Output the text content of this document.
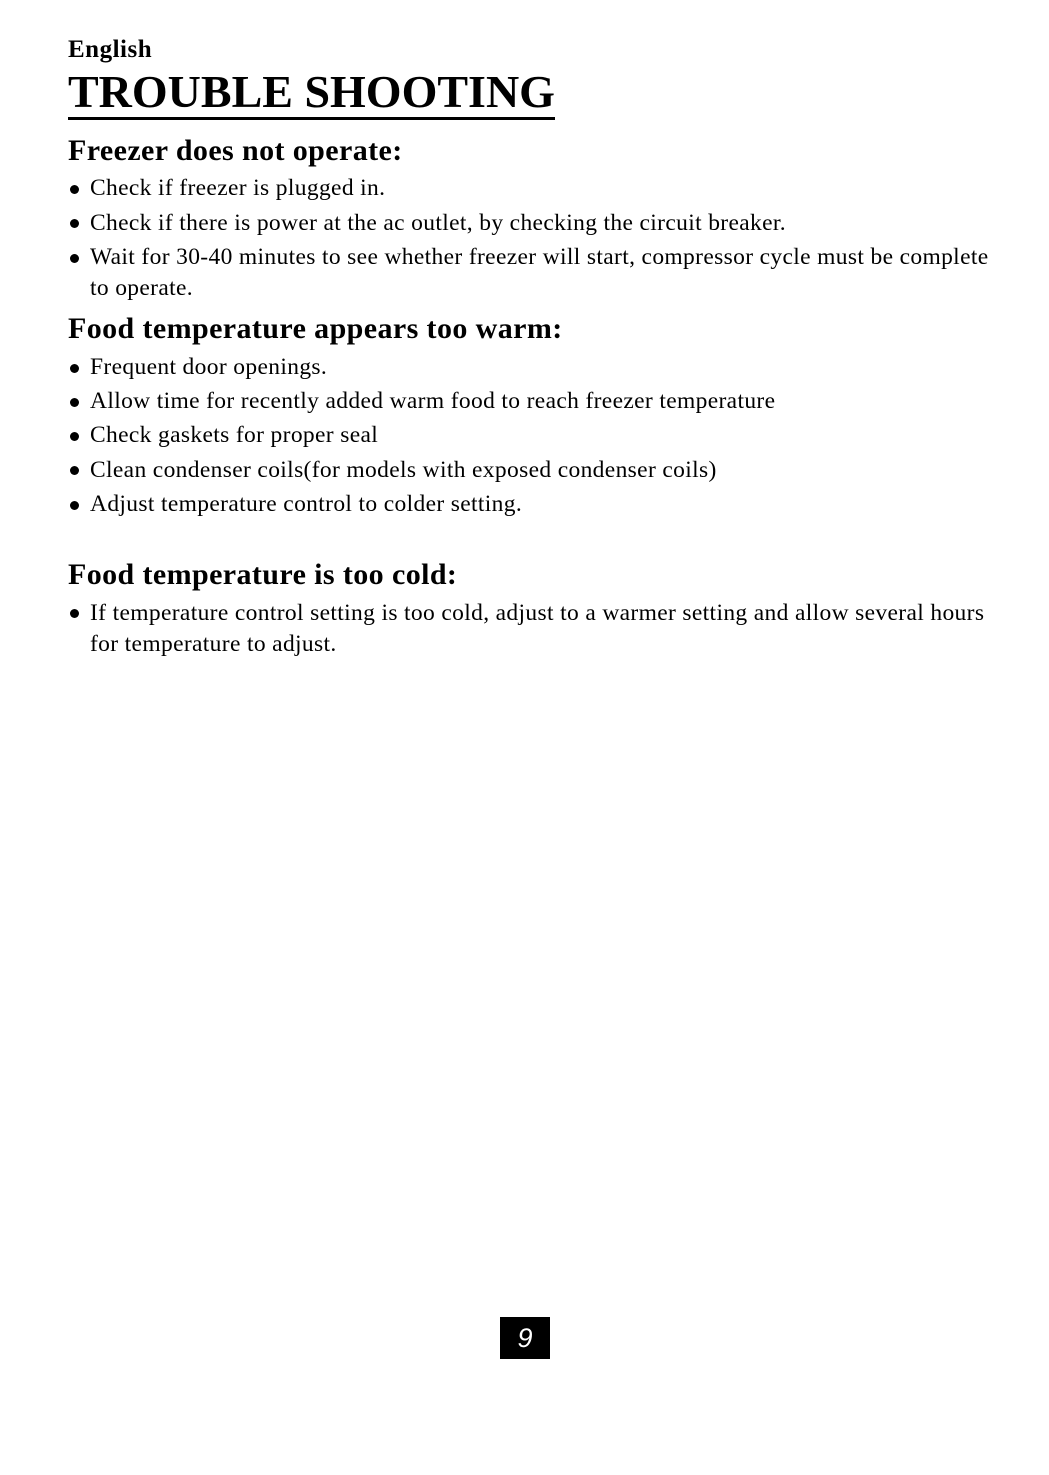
English
TROUBLE SHOOTING
Freezer does not operate:
Check if freezer is plugged in.
Check if there is power at the ac outlet, by checking the circuit breaker.
Wait for 30-40 minutes to see whether freezer will start, compressor cycle must be complete to operate.
Food temperature appears too warm:
Frequent door openings.
Allow time for recently added warm food to reach freezer temperature
Check gaskets for proper seal
Clean condenser coils(for models with exposed condenser coils)
Adjust temperature control to colder setting.
Food temperature is too cold:
If temperature control setting is too cold, adjust to a warmer setting and allow several hours for temperature to adjust.
9
